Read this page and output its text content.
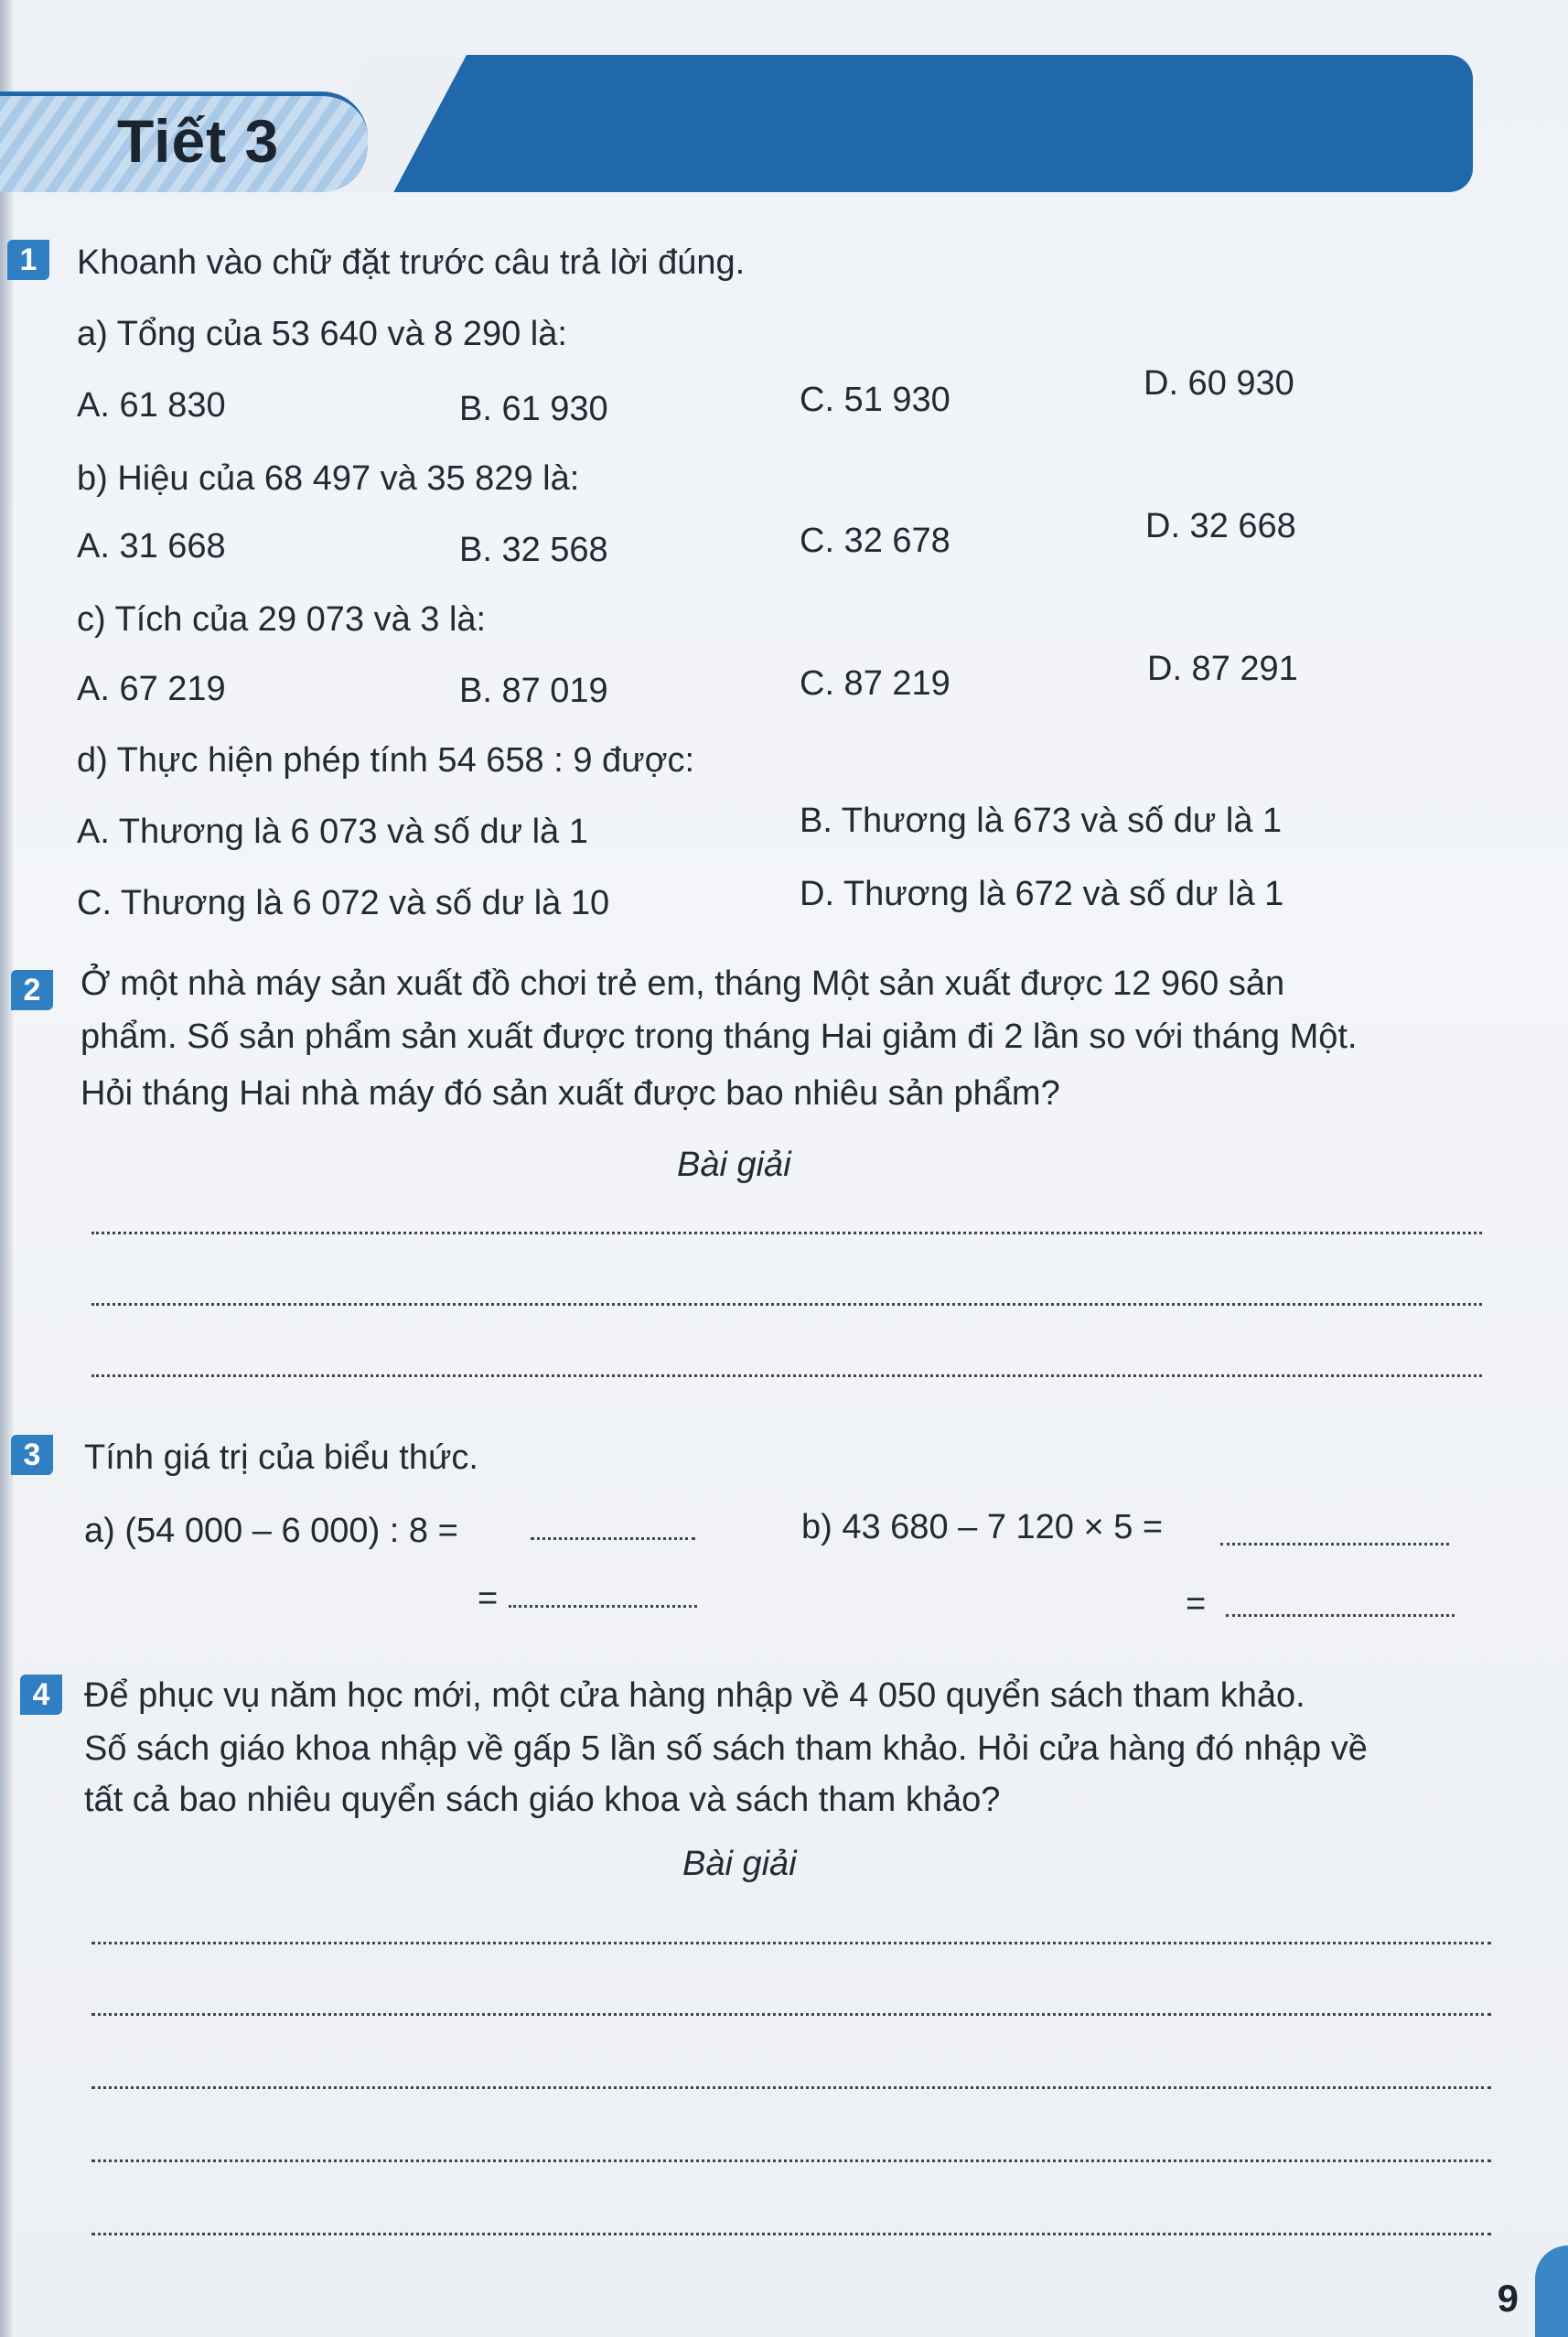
Tiết 3
1	Khoanh vào chữ đặt trước câu trả lời đúng.
a) Tổng của 53 640 và 8 290 là:
A. 61 830	B. 61 930	C. 51 930	D. 60 930
b) Hiệu của 68 497 và 35 829 là:
A. 31 668	B. 32 568	C. 32 678	D. 32 668
c) Tích của 29 073 và 3 là:
A. 67 219	B. 87 019	C. 87 219	D. 87 291
d) Thực hiện phép tính 54 658 : 9 được:
A. Thương là 6 073 và số dư là 1	B. Thương là 673 và số dư là 1
C. Thương là 6 072 và số dư là 10	D. Thương là 672 và số dư là 1
2	Ở một nhà máy sản xuất đồ chơi trẻ em, tháng Một sản xuất được 12 960 sản
phẩm. Số sản phẩm sản xuất được trong tháng Hai giảm đi 2 lần so với tháng Một.
Hỏi tháng Hai nhà máy đó sản xuất được bao nhiêu sản phẩm?
Bài giải
3	Tính giá trị của biểu thức.
a) (54 000 – 6 000) : 8 =	b) 43 680 – 7 120 × 5 =
=	=
4 Để phục vụ năm học mới, một cửa hàng nhập về 4 050 quyển sách tham khảo.
Số sách giáo khoa nhập về gấp 5 lần số sách tham khảo. Hỏi cửa hàng đó nhập về
tất cả bao nhiêu quyển sách giáo khoa và sách tham khảo?
Bài giải
9
